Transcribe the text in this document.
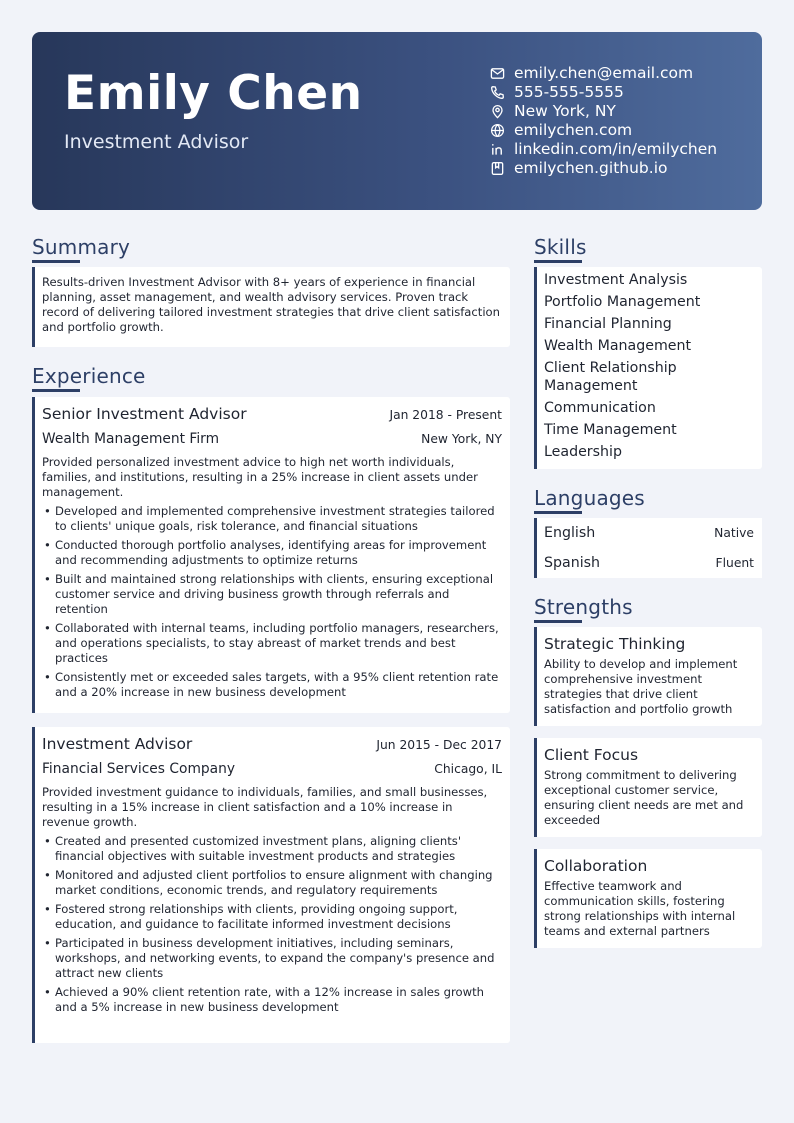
Emily Chen
Investment Advisor
emily.chen@email.com
555-555-5555
New York, NY
emilychen.com
linkedin.com/in/emilychen
emilychen.github.io
Summary

Results-driven Investment Advisor with 8+ years of experience in financial planning, asset management, and wealth advisory services. Proven track record of delivering tailored investment strategies that drive client satisfaction and portfolio growth.

Experience
Senior Investment Advisor	Jan 2018 - Present
Wealth Management Firm	New York, NY

Provided personalized investment advice to high net worth individuals, families, and institutions, resulting in a 25% increase in client assets under management.

• Developed and implemented comprehensive investment strategies tailored to clients' unique goals, risk tolerance, and financial situations
• Conducted thorough portfolio analyses, identifying areas for improvement and recommending adjustments to optimize returns
• Built and maintained strong relationships with clients, ensuring exceptional customer service and driving business growth through referrals and retention
• Collaborated with internal teams, including portfolio managers, researchers, and operations specialists, to stay abreast of market trends and best practices
• Consistently met or exceeded sales targets, with a 95% client retention rate and a 20% increase in new business development
Investment Advisor	Jun 2015 - Dec 2017
Financial Services Company	Chicago, IL

Provided investment guidance to individuals, families, and small businesses, resulting in a 15% increase in client satisfaction and a 10% increase in revenue growth.

• Created and presented customized investment plans, aligning clients' financial objectives with suitable investment products and strategies
• Monitored and adjusted client portfolios to ensure alignment with changing market conditions, economic trends, and regulatory requirements
• Fostered strong relationships with clients, providing ongoing support, education, and guidance to facilitate informed investment decisions
• Participated in business development initiatives, including seminars, workshops, and networking events, to expand the company's presence and attract new clients
• Achieved a 90% client retention rate, with a 12% increase in sales growth and a 5% increase in new business development
Skills
Investment Analysis
Portfolio Management
Financial Planning
Wealth Management
Client Relationship Management
Communication
Time Management
Leadership
Languages
English	Native
Spanish	Fluent
Strengths
Strategic Thinking

Ability to develop and implement comprehensive investment strategies that drive client satisfaction and portfolio growth

Client Focus

Strong commitment to delivering exceptional customer service, ensuring client needs are met and exceeded

Collaboration

Effective teamwork and communication skills, fostering strong relationships with internal teams and external partners
